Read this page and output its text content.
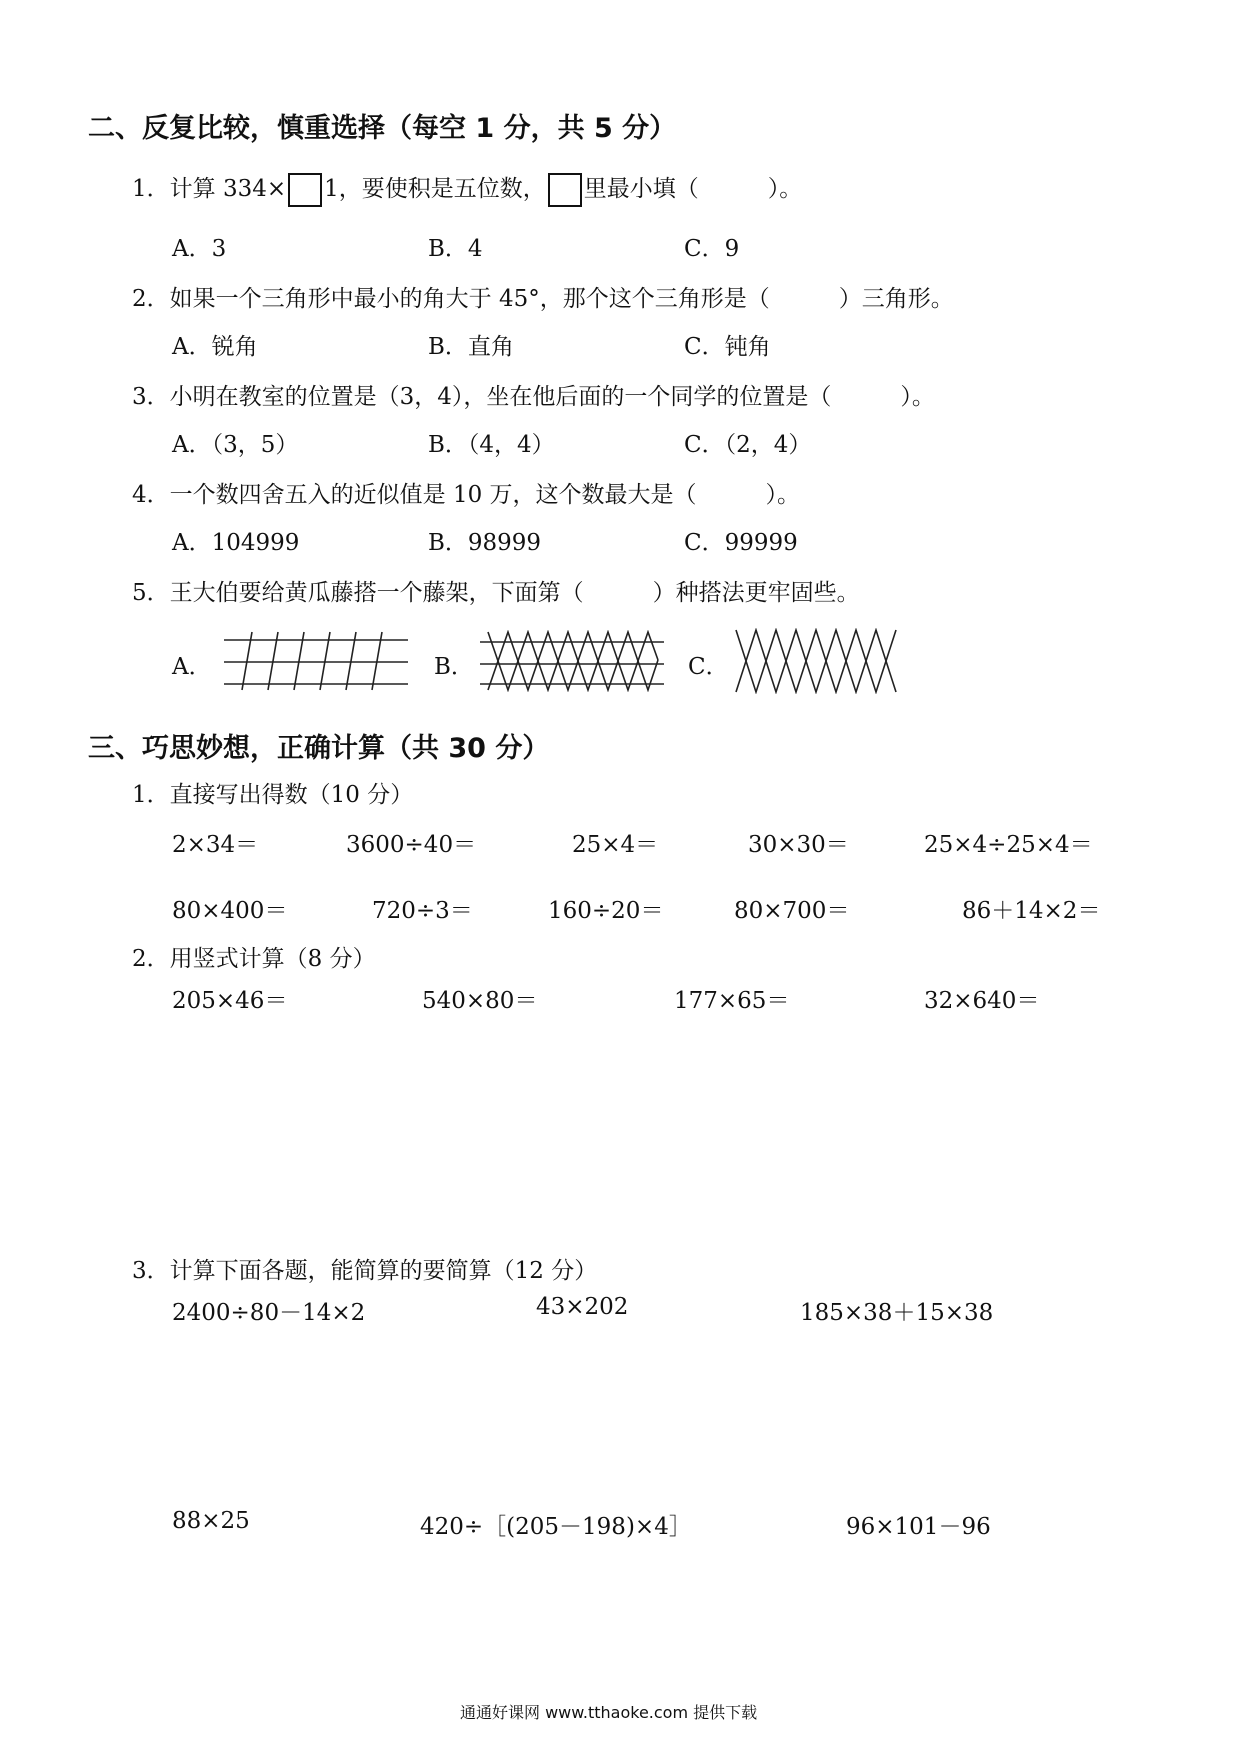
二、反复比较，慎重选择（每空 1 分，共 5 分）
1．计算 334× 1，要使积是五位数， 里最小填（　　　）。
A．3	B．4	C．9
2．如果一个三角形中最小的角大于 45°，那个这个三角形是（　　　）三角形。
A．锐角	B．直角	C．钝角
3．小明在教室的位置是（3，4），坐在他后面的一个同学的位置是（　　　）。
A．（3，5）	B．（4，4）	C．（2，4）
4．一个数四舍五入的近似值是 10 万，这个数最大是（　　　）。
A．104999	B．98999	C．99999
5．王大伯要给黄瓜藤搭一个藤架，下面第（　　　）种搭法更牢固些。
A．	B．	C．
三、巧思妙想，正确计算（共 30 分）
1．直接写出得数（10 分）
2×34＝	3600÷40＝	25×4＝	30×30＝	25×4÷25×4＝
80×400＝	720÷3＝	160÷20＝	80×700＝	86＋14×2＝
2．用竖式计算（8 分）
205×46＝	540×80＝	177×65＝	32×640＝
3．计算下面各题，能简算的要简算（12 分）
2400÷80－14×2	43×202	185×38＋15×38
88×25	420÷［(205－198)×4］	96×101－96
通通好课网 www.tthaoke.com 提供下载
